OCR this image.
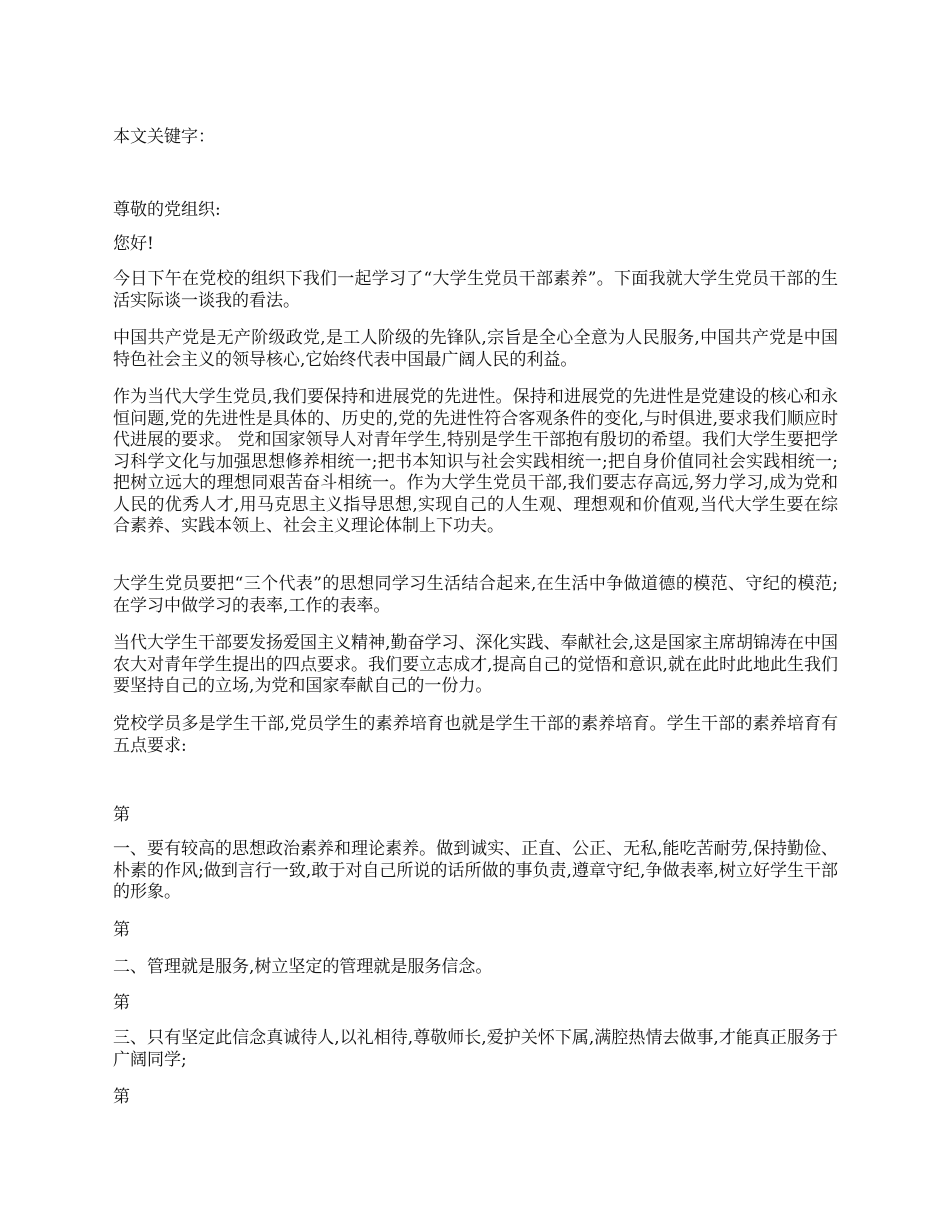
本文关键字：

尊敬的党组织:

您好!

今日下午在党校的组织下我们一起学习了“大学生党员干部素养”。下面我就大学生党员干部的生活实际谈一谈我的看法。

中国共产党是无产阶级政党,是工人阶级的先锋队,宗旨是全心全意为人民服务,中国共产党是中国特色社会主义的领导核心,它始终代表中国最广阔人民的利益。

作为当代大学生党员,我们要保持和进展党的先进性。保持和进展党的先进性是党建设的核心和永恒问题,党的先进性是具体的、历史的,党的先进性符合客观条件的变化,与时俱进,要求我们顺应时代进展的要求。 党和国家领导人对青年学生,特别是学生干部抱有殷切的希望。我们大学生要把学习科学文化与加强思想修养相统一;把书本知识与社会实践相统一;把自身价值同社会实践相统一;把树立远大的理想同艰苦奋斗相统一。作为大学生党员干部,我们要志存高远,努力学习,成为党和人民的优秀人才,用马克思主义指导思想,实现自己的人生观、理想观和价值观,当代大学生要在综合素养、实践本领上、社会主义理论体制上下功夫。

大学生党员要把“三个代表”的思想同学习生活结合起来,在生活中争做道德的模范、守纪的模范;在学习中做学习的表率,工作的表率。

当代大学生干部要发扬爱国主义精神,勤奋学习、深化实践、奉献社会,这是国家主席胡锦涛在中国农大对青年学生提出的四点要求。我们要立志成才,提高自己的觉悟和意识,就在此时此地此生我们要坚持自己的立场,为党和国家奉献自己的一份力。

党校学员多是学生干部,党员学生的素养培育也就是学生干部的素养培育。学生干部的素养培育有五点要求:

第

一、要有较高的思想政治素养和理论素养。做到诚实、正直、公正、无私,能吃苦耐劳,保持勤俭、朴素的作风;做到言行一致,敢于对自己所说的话所做的事负责,遵章守纪,争做表率,树立好学生干部的形象。

第

二、管理就是服务,树立坚定的管理就是服务信念。

第

三、只有坚定此信念真诚待人,以礼相待,尊敬师长,爱护关怀下属,满腔热情去做事,才能真正服务于广阔同学;

第
